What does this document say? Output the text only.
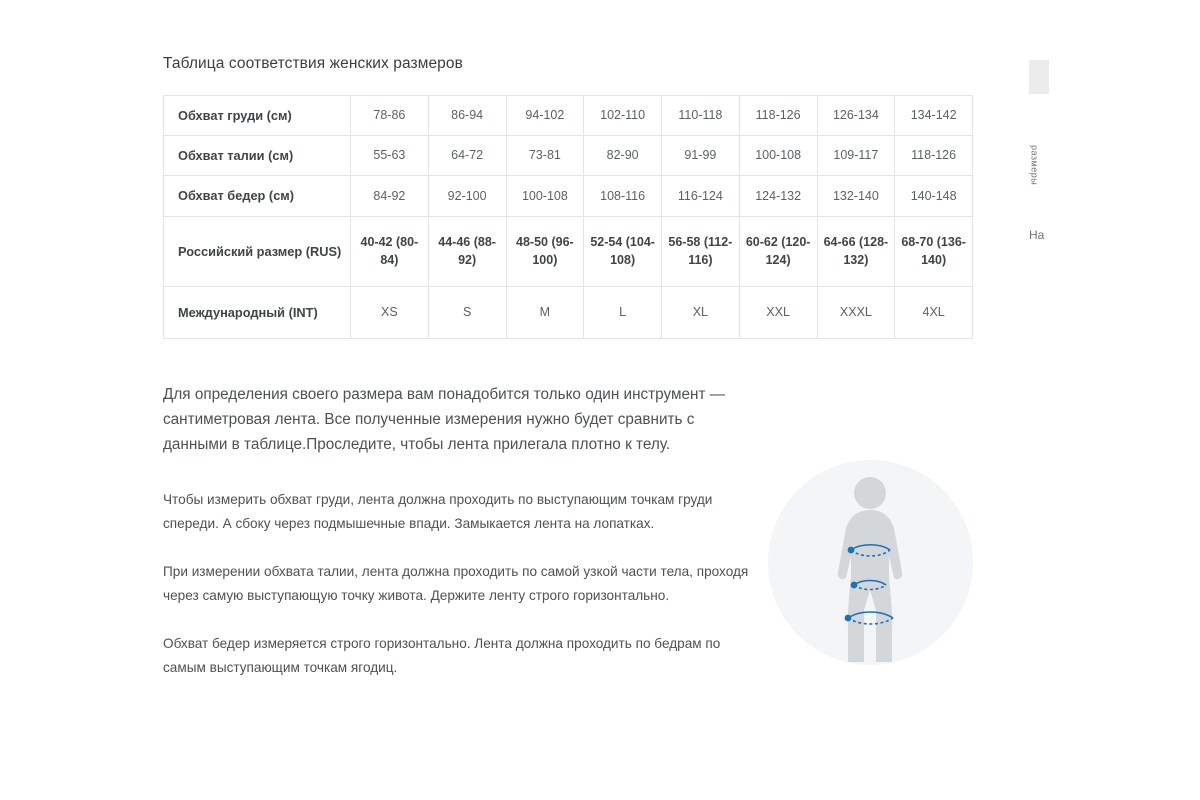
Таблица соответствия женских размеров
Обхват груди (см)	78-86	86-94	94-102	102-110	110-118	118-126	126-134	134-142
Обхват талии (см)	55-63	64-72	73-81	82-90	91-99	100-108	109-117	118-126
Обхват бедер (см)	84-92	92-100	100-108	108-116	116-124	124-132	132-140	140-148
Российский размер (RUS)	40-42 (80-84)	44-46 (88-92)	48-50 (96-100)	52-54 (104-108)	56-58 (112-116)	60-62 (120-124)	64-66 (128-132)	68-70 (136-140)
Международный (INT)	XS	S	M	L	XL	XXL	XXXL	4XL

Для определения своего размера вам понадобится только один инструмент — сантиметровая лента. Все полученные измерения нужно будет сравнить с данными в таблице.Проследите, чтобы лента прилегала плотно к телу.

Чтобы измерить обхват груди, лента должна проходить по выступающим точкам груди спереди. А сбоку через подмышечные впади. Замыкается лента на лопатках.

При измерении обхвата талии, лента должна проходить по самой узкой части тела, проходя через самую выступающую точку живота. Держите ленту строго горизонтально.

Обхват бедер измеряется строго горизонтально. Лента должна проходить по бедрам по самым выступающим точкам ягодиц.

размеры
На
